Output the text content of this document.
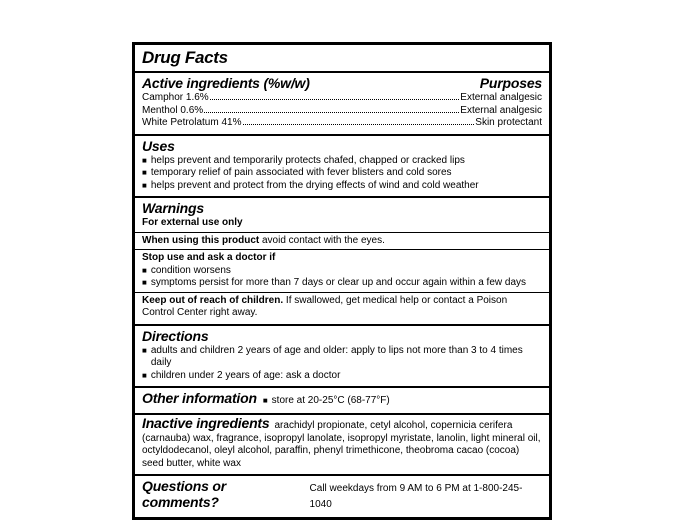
Drug Facts
Active ingredients (%w/w)	Purposes
Camphor 1.6%	External analgesic
Menthol 0.6%	External analgesic
White Petrolatum 41%	Skin protectant
Uses
■ helps prevent and temporarily protects chafed, chapped or cracked lips
■ temporary relief of pain associated with fever blisters and cold sores
■ helps prevent and protect from the drying effects of wind and cold weather
Warnings
For external use only
When using this product avoid contact with the eyes.
Stop use and ask a doctor if
■ condition worsens
■ symptoms persist for more than 7 days or clear up and occur again within a few days
Keep out of reach of children. If swallowed, get medical help or contact a Poison Control Center right away.
Directions
■ adults and children 2 years of age and older: apply to lips not more than 3 to 4 times daily
■ children under 2 years of age: ask a doctor
Other information ■ store at 20-25°C (68-77°F)
Inactive ingredients arachidyl propionate, cetyl alcohol, copernicia cerifera (carnauba) wax, fragrance, isopropyl lanolate, isopropyl myristate, lanolin, light mineral oil, octyldodecanol, oleyl alcohol, paraffin, phenyl trimethicone, theobroma cacao (cocoa) seed butter, white wax
Questions or comments?
Call weekdays from 9 AM to 6 PM at 1-800-245-1040
